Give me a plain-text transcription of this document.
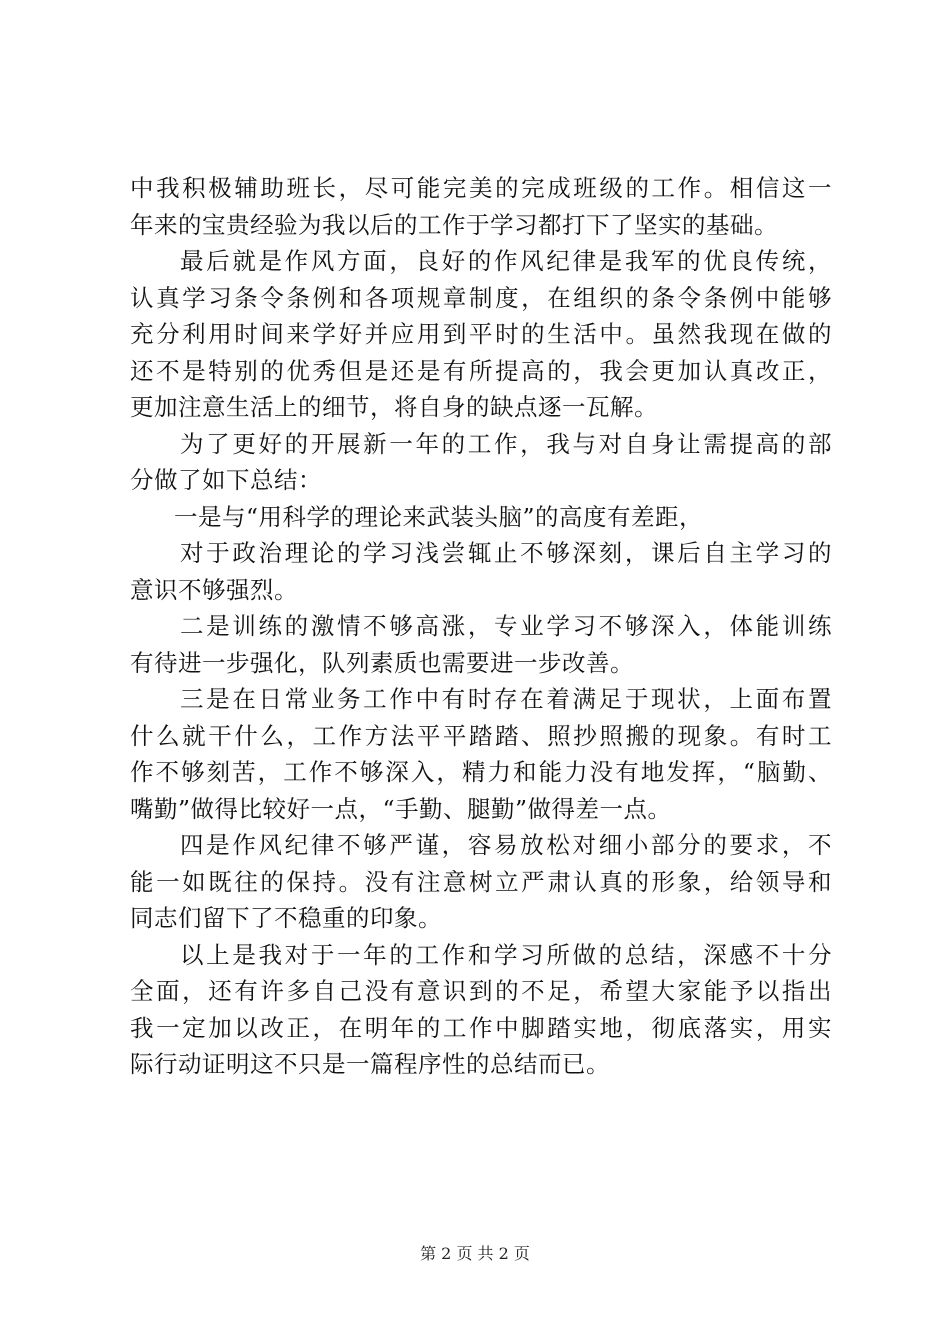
中我积极辅助班长，尽可能完美的完成班级的工作。相信这一
年来的宝贵经验为我以后的工作于学习都打下了坚实的基础。
最后就是作风方面，良好的作风纪律是我军的优良传统，
认真学习条令条例和各项规章制度，在组织的条令条例中能够
充分利用时间来学好并应用到平时的生活中。虽然我现在做的
还不是特别的优秀但是还是有所提高的，我会更加认真改正，
更加注意生活上的细节，将自身的缺点逐一瓦解。
为了更好的开展新一年的工作，我与对自身让需提高的部
分做了如下总结：
一是与“用科学的理论来武装头脑”的高度有差距，
对于政治理论的学习浅尝辄止不够深刻，课后自主学习的
意识不够强烈。
二是训练的激情不够高涨，专业学习不够深入，体能训练
有待进一步强化，队列素质也需要进一步改善。
三是在日常业务工作中有时存在着满足于现状，上面布置
什么就干什么，工作方法平平踏踏、照抄照搬的现象。有时工
作不够刻苦，工作不够深入，精力和能力没有地发挥，“脑勤、
嘴勤”做得比较好一点，“手勤、腿勤”做得差一点。
四是作风纪律不够严谨，容易放松对细小部分的要求，不
能一如既往的保持。没有注意树立严肃认真的形象，给领导和
同志们留下了不稳重的印象。
以上是我对于一年的工作和学习所做的总结，深感不十分
全面，还有许多自己没有意识到的不足，希望大家能予以指出
我一定加以改正，在明年的工作中脚踏实地，彻底落实，用实
际行动证明这不只是一篇程序性的总结而已。
第 2 页 共 2 页
